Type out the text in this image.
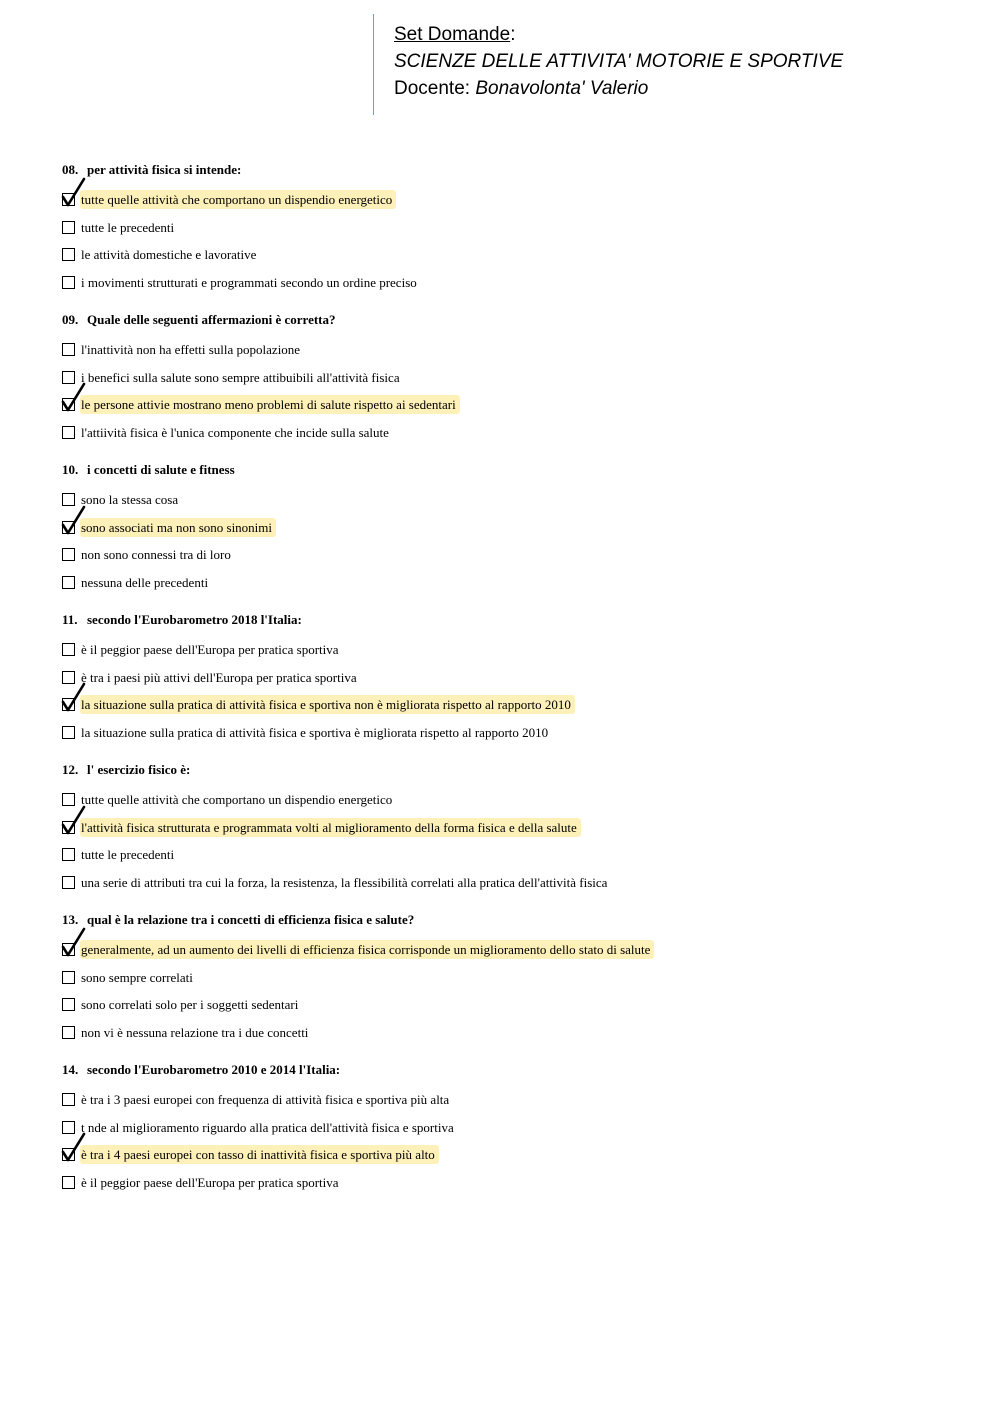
Set Domande:
SCIENZE DELLE ATTIVITA' MOTORIE E SPORTIVE
Docente: Bonavolonta' Valerio
08. per attività fisica si intende:
tutte quelle attività che comportano un dispendio energetico
tutte le precedenti
le attività domestiche e lavorative
i movimenti strutturati e programmati secondo un ordine preciso
09. Quale delle seguenti affermazioni è corretta?
l'inattività non ha effetti sulla popolazione
i benefici sulla salute sono sempre attibuibili all'attività fisica
le persone attivie mostrano meno problemi di salute rispetto ai sedentari
l'attiività fisica è l'unica componente che incide sulla salute
10. i concetti di salute e fitness
sono la stessa cosa
sono associati ma non sono sinonimi
non sono connessi tra di loro
nessuna delle precedenti
11. secondo l'Eurobarometro 2018 l'Italia:
è il peggior paese dell'Europa per pratica sportiva
è tra i paesi più attivi dell'Europa per pratica sportiva
la situazione sulla pratica di attività fisica e sportiva non è migliorata rispetto al rapporto 2010
la situazione sulla pratica di attività fisica e sportiva è migliorata rispetto al rapporto 2010
12. l' esercizio fisico è:
tutte quelle attività che comportano un dispendio energetico
l'attività fisica strutturata e programmata volti al miglioramento della forma fisica e della salute
tutte le precedenti
una serie di attributi tra cui la forza, la resistenza, la flessibilità correlati alla pratica dell'attività fisica
13. qual è la relazione tra i concetti di efficienza fisica e salute?
generalmente, ad un aumento dei livelli di efficienza fisica corrisponde un miglioramento dello stato di salute
sono sempre correlati
sono correlati solo per i soggetti sedentari
non vi è nessuna relazione tra i due concetti
14. secondo l'Eurobarometro 2010 e 2014 l'Italia:
è tra i 3 paesi europei con frequenza di attività fisica e sportiva più alta
t nde al miglioramento riguardo alla pratica dell'attività fisica e sportiva
è tra i 4 paesi europei con tasso di inattività fisica e sportiva più alto
è il peggior paese dell'Europa per pratica sportiva
